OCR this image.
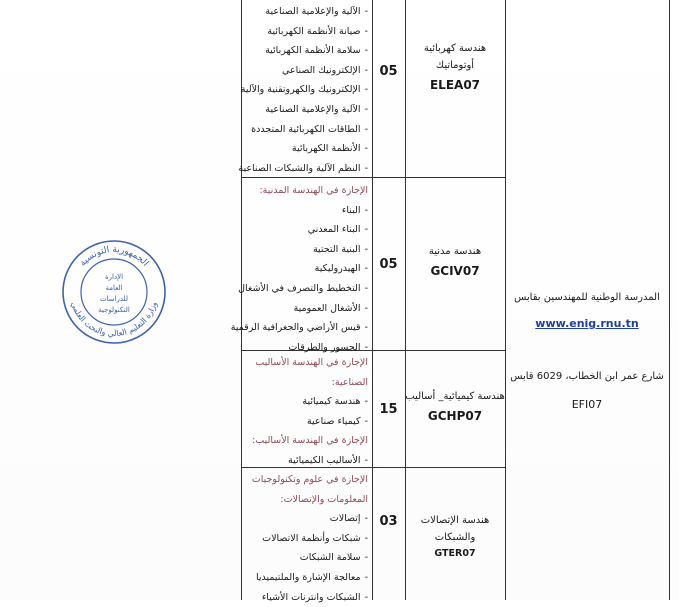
-الآلية والإعلامية الصناعية
-صيانة الأنظمة الكهربائية
-سلامة الأنظمة الكهربائية
-الإلكترونيك الصناعي
-الإلكترونيك والكهروتقنية والآلية
-الآلية والإعلامية الصناعية
-الطاقات الكهربائية المتجددة
-الأنظمة الكهربائية
-النظم الآلية والشبكات الصناعية
05
هندسة كهربائية
أوتوماتيك
ELEA07
الإجازة في الهندسة المدنية:
-البناء
-البناء المعدني
-البنية التحتية
-الهيدروليكية
-التخطيط والتصرف في الأشغال
-الأشغال العمومية
-قيس الأراضي والجغرافية الرقمية
-الجسور والطرقات
05
هندسة مدنية
GCIV07
الإجازة في الهندسة الأساليب
الصناعية:
-هندسة كيميائية
-كيمياء صناعية
الإجازة في الهندسة الأساليب:
-الأساليب الكيميائية
15
هندسة كيميائية_ أساليب
GCHP07
الإجازة في علوم وتكنولوجيات
المعلومات والإتصالات:
-إتصالات
-شبكات وأنظمة الاتصالات
-سلامة الشبكات
-معالجة الإشارة والملتيميديا
-الشبكات وانترنات الأشياء
03	هندسة الإتصالات
والشبكات
GTER07
المدرسة الوطنية للمهندسين بقابس
www.enig.rnu.tn
شارع عمر ابن الخطاب، 6029 قابس
EFI07
الجمهورية التونسية
وزارة التعليم العالي والبحث العلمي
الإدارة
العامة
للدراسات
التكنولوجية
